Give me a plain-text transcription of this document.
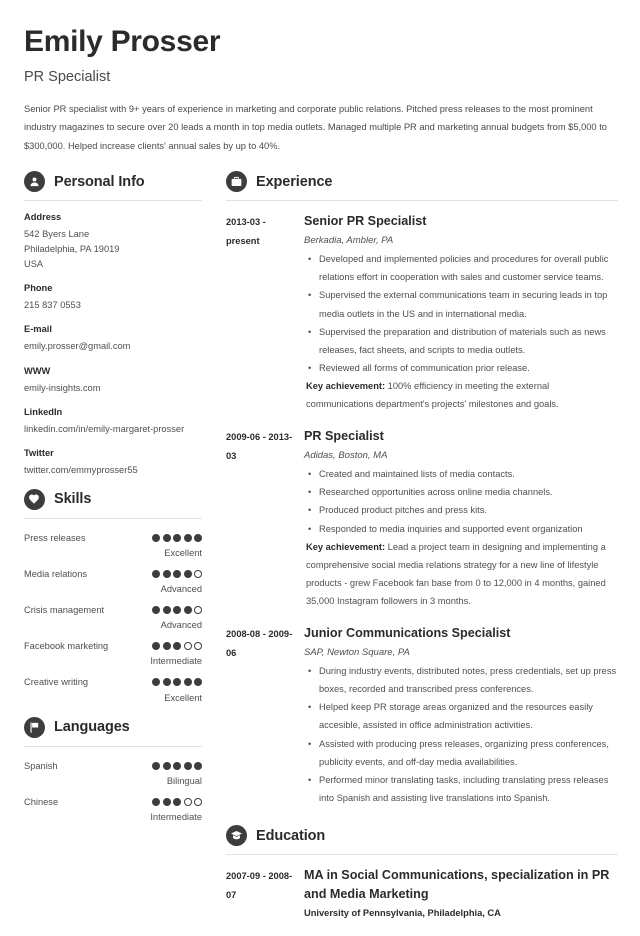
Emily Prosser
PR Specialist

Senior PR specialist with 9+ years of experience in marketing and corporate public relations. Pitched press releases to the most prominent industry magazines to secure over 20 leads a month in top media outlets. Managed multiple PR and marketing annual budgets from $5,000 to $300,000. Helped increase clients' annual sales by up to 40%.

Personal Info
Address
542 Byers Lane
Philadelphia, PA 19019
USA
Phone
215 837 0553
E-mail
emily.prosser@gmail.com
WWW
emily-insights.com
LinkedIn
linkedin.com/in/emily-margaret-prosser
Twitter
twitter.com/emmyprosser55
Skills
Press releases
Excellent
Media relations
Advanced
Crisis management
Advanced
Facebook marketing
Intermediate
Creative writing
Excellent
Languages
Spanish
Bilingual
Chinese
Intermediate
Experience
2013-03 - present
Senior PR Specialist
Berkadia, Ambler, PA
• Developed and implemented policies and procedures for overall public relations effort in cooperation with sales and customer service teams.
• Supervised the external communications team in securing leads in top media outlets in the US and in international media.
• Supervised the preparation and distribution of materials such as news releases, fact sheets, and scripts to media outlets.
• Reviewed all forms of communication prior release.
Key achievement: 100% efficiency in meeting the external communications department's projects' milestones and goals.
2009-06 - 2013-03
PR Specialist
Adidas, Boston, MA
• Created and maintained lists of media contacts.
• Researched opportunities across online media channels.
• Produced product pitches and press kits.
• Responded to media inquiries and supported event organization
Key achievement: Lead a project team in designing and implementing a comprehensive social media relations strategy for a new line of lifestyle products - grew Facebook fan base from 0 to 12,000 in 4 months, gained 35,000 Instagram followers in 3 months.
2008-08 - 2009-06
Junior Communications Specialist
SAP, Newton Square, PA
• During industry events, distributed notes, press credentials, set up press boxes, recorded and transcribed press conferences.
• Helped keep PR storage areas organized and the resources easily accesible, assisted in office administration activities.
• Assisted with producing press releases, organizing press conferences, publicity events, and off-day media availabilities.
• Performed minor translating tasks, including translating press releases into Spanish and assisting live translations into Spanish.
Education
2007-09 - 2008-07
MA in Social Communications, specialization in PR and Media Marketing
University of Pennsylvania, Philadelphia, CA
